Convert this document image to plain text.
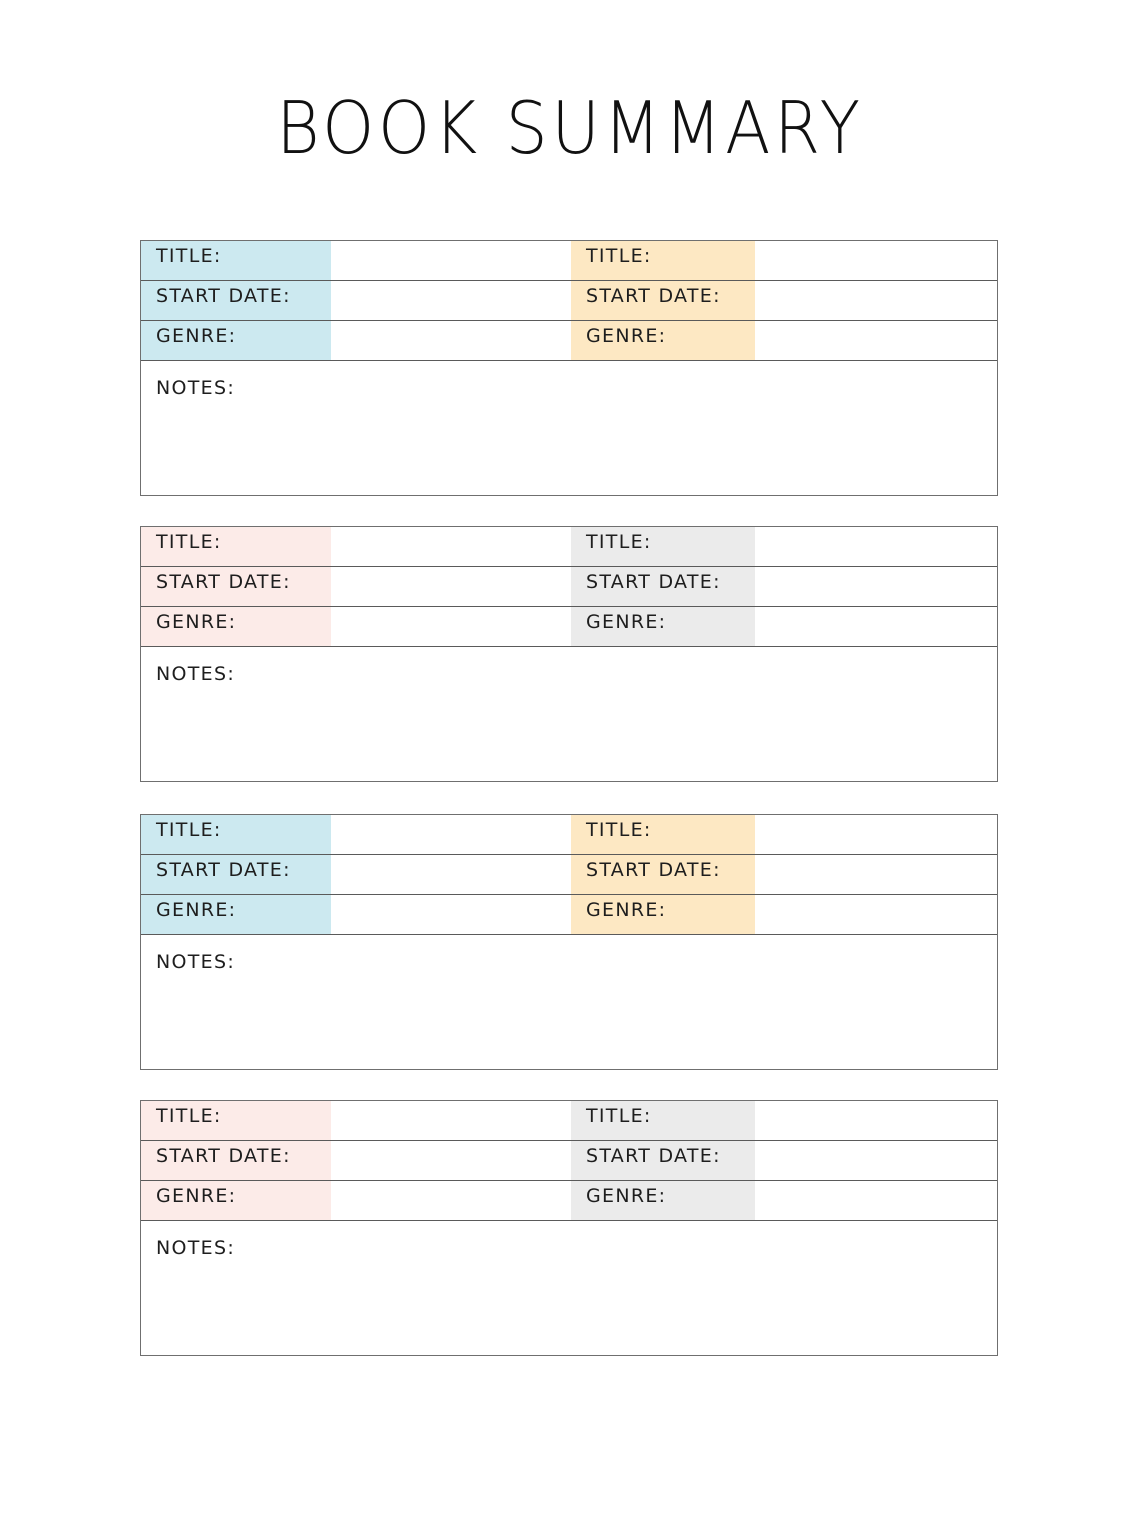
BOOK SUMMARY
TITLE:	TITLE:
START DATE:	START DATE:
GENRE:	GENRE:
NOTES:
TITLE:	TITLE:
START DATE:	START DATE:
GENRE:	GENRE:
NOTES:
TITLE:	TITLE:
START DATE:	START DATE:
GENRE:	GENRE:
NOTES:
TITLE:	TITLE:
START DATE:	START DATE:
GENRE:	GENRE:
NOTES:
